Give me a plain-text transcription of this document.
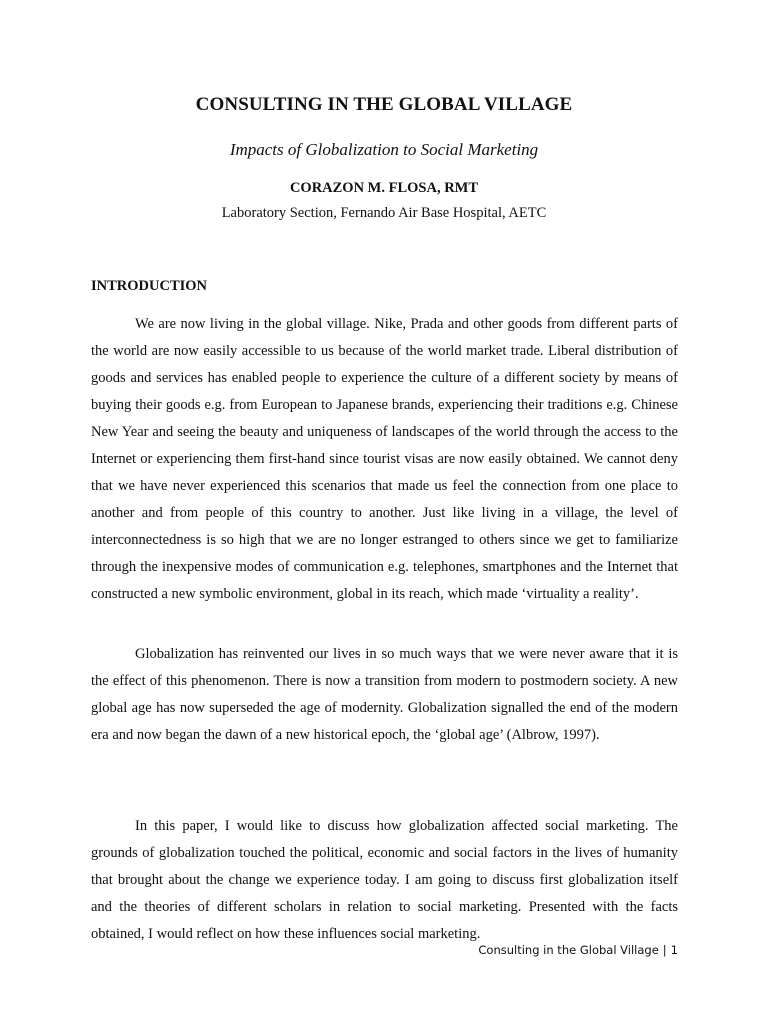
CONSULTING IN THE GLOBAL VILLAGE

Impacts of Globalization to Social Marketing

CORAZON M. FLOSA, RMT

Laboratory Section, Fernando Air Base Hospital, AETC

INTRODUCTION

We are now living in the global village. Nike, Prada and other goods from different parts of the world are now easily accessible to us because of the world market trade. Liberal distribution of goods and services has enabled people to experience the culture of a different society by means of buying their goods e.g. from European to Japanese brands, experiencing their traditions e.g. Chinese New Year and seeing the beauty and uniqueness of landscapes of the world through the access to the Internet or experiencing them first-hand since tourist visas are now easily obtained. We cannot deny that we have never experienced this scenarios that made us feel the connection from one place to another and from people of this country to another. Just like living in a village, the level of interconnectedness is so high that we are no longer estranged to others since we get to familiarize through the inexpensive modes of communication e.g. telephones, smartphones and the Internet that constructed a new symbolic environment, global in its reach, which made ‘virtuality a reality’.

Globalization has reinvented our lives in so much ways that we were never aware that it is the effect of this phenomenon. There is now a transition from modern to postmodern society. A new global age has now superseded the age of modernity. Globalization signalled the end of the modern era and now began the dawn of a new historical epoch, the ‘global age’ (Albrow, 1997).

In this paper, I would like to discuss how globalization affected social marketing. The grounds of globalization touched the political, economic and social factors in the lives of humanity that brought about the change we experience today. I am going to discuss first globalization itself and the theories of different scholars in relation to social marketing. Presented with the facts obtained, I would reflect on how these influences social marketing.

Consulting in the Global Village | 1
